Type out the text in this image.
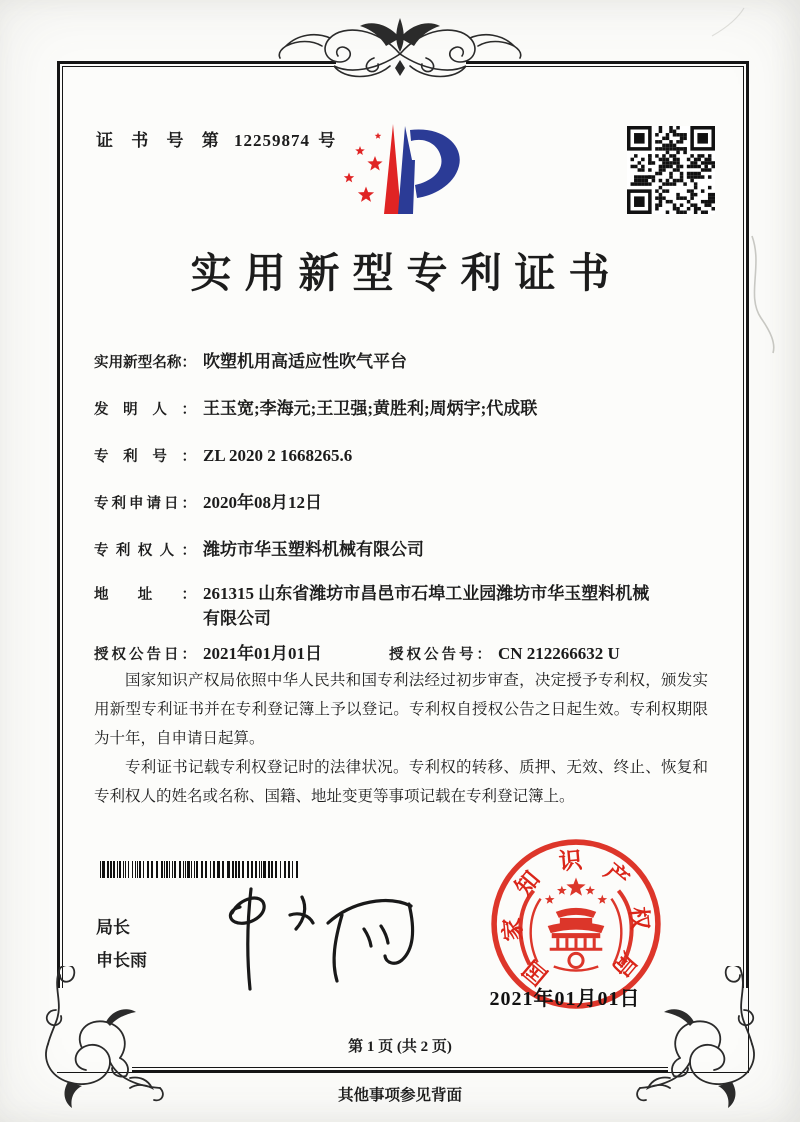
证 书 号 第 12259874 号
实用新型专利证书
实用新型名称： 吹塑机用高适应性吹气平台
发明人： 王玉宽;李海元;王卫强;黄胜利;周炳宇;代成联
专利号： ZL 2020 2 1668265.6
专利申请日： 2020年08月12日
专利权人： 潍坊市华玉塑料机械有限公司
地址： 261315 山东省潍坊市昌邑市石埠工业园潍坊市华玉塑料机械有限公司
授权公告日： 2021年01月01日	授权公告号： CN 212266632 U

国家知识产权局依照中华人民共和国专利法经过初步审查，决定授予专利权，颁发实用新型专利证书并在专利登记簿上予以登记。专利权自授权公告之日起生效。专利权期限为十年，自申请日起算。

专利证书记载专利权登记时的法律状况。专利权的转移、质押、无效、终止、恢复和专利权人的姓名或名称、国籍、地址变更等事项记载在专利登记簿上。

局长
申长雨	国
家
知
识 产
权
局
2021年01月01日
第 1 页 (共 2 页)
其他事项参见背面
